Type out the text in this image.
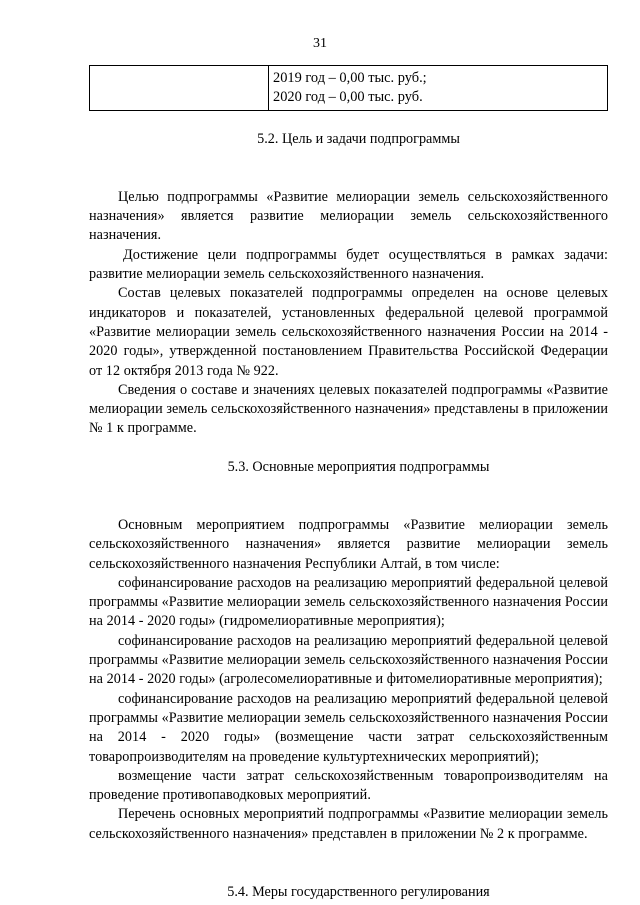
31
2019 год – 0,00 тыс. руб.;
2020 год – 0,00 тыс. руб.
5.2. Цель и задачи подпрограммы

Целью подпрограммы «Развитие мелиорации земель сельскохозяйственного назначения» является развитие мелиорации земель сельскохозяйственного назначения.

Достижение цели подпрограммы будет осуществляться в рамках задачи: развитие мелиорации земель сельскохозяйственного назначения.

Состав целевых показателей подпрограммы определен на основе целевых индикаторов и показателей, установленных федеральной целевой программой «Развитие мелиорации земель сельскохозяйственного назначения России на 2014 - 2020 годы», утвержденной постановлением Правительства Российской Федерации от 12 октября 2013 года № 922.

Сведения о составе и значениях целевых показателей подпрограммы «Развитие мелиорации земель сельскохозяйственного назначения» представлены в приложении № 1 к программе.

5.3. Основные мероприятия подпрограммы

Основным мероприятием подпрограммы «Развитие мелиорации земель сельскохозяйственного назначения» является развитие мелиорации земель сельскохозяйственного назначения Республики Алтай, в том числе:

софинансирование расходов на реализацию мероприятий федеральной целевой программы «Развитие мелиорации земель сельскохозяйственного назначения России на 2014 - 2020 годы» (гидромелиоративные мероприятия);

софинансирование расходов на реализацию мероприятий федеральной целевой программы «Развитие мелиорации земель сельскохозяйственного назначения России на 2014 - 2020 годы» (агролесомелиоративные и фитомелиоративные мероприятия);

софинансирование расходов на реализацию мероприятий федеральной целевой программы «Развитие мелиорации земель сельскохозяйственного назначения России на 2014 - 2020 годы» (возмещение части затрат сельскохозяйственным товаропроизводителям на проведение культуртехнических мероприятий);

возмещение части затрат сельскохозяйственным товаропроизводителям на проведение противопаводковых мероприятий.

Перечень основных мероприятий подпрограммы «Развитие мелиорации земель сельскохозяйственного назначения» представлен в приложении № 2 к программе.

5.4. Меры государственного регулирования
